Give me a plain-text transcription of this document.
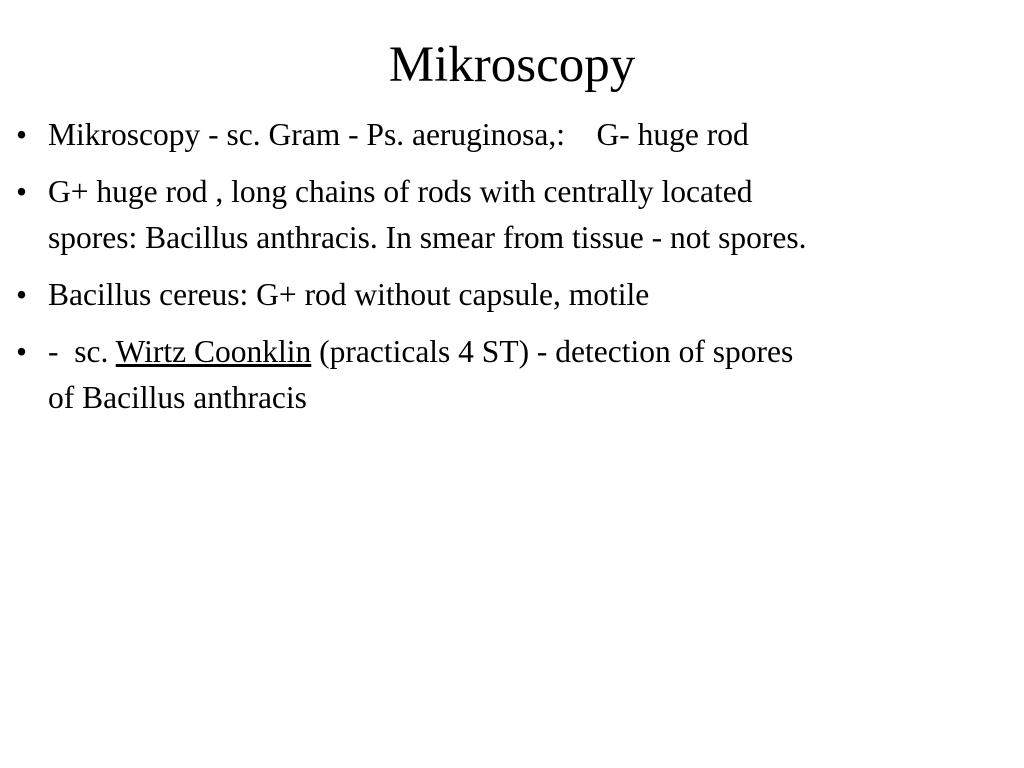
Mikroscopy
• Mikroscopy - sc. Gram - Ps. aeruginosa,:    G- huge rod
• G+ huge rod , long chains of rods with centrally located
spores: Bacillus anthracis. In smear from tissue - not spores.
• Bacillus cereus: G+ rod without capsule, motile
• -  sc. Wirtz Coonklin (practicals 4 ST) - detection of spores
of Bacillus anthracis
